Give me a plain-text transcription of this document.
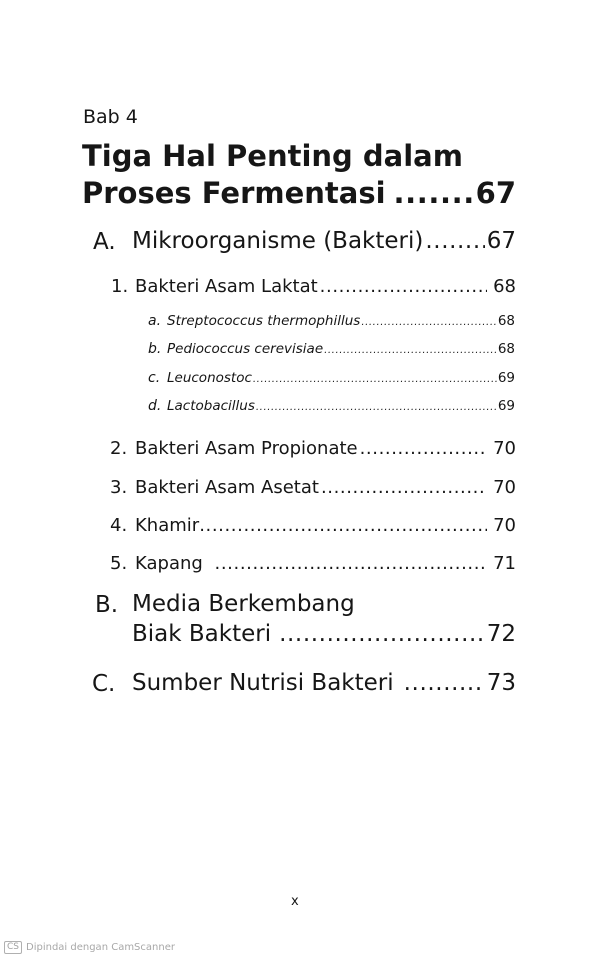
Bab 4
Tiga Hal Penting dalam
Proses Fermentasi .....	67
A. Mikroorganisme (Bakteri) .....	67
1. Bakteri Asam Laktat .....	68
a. Streptococcus thermophillus .....	68
b. Pediococcus cerevisiae .....	68
c. Leuconostoc .....	69
d. Lactobacillus .....	69
2. Bakteri Asam Propionate .....	70
3. Bakteri Asam Asetat .....	70
4. Khamir .....	70
5. Kapang .....	71
B. Media Berkembang
Biak Bakteri .....	72
C. Sumber Nutrisi Bakteri .....	73
x
CS Dipindai dengan CamScanner
